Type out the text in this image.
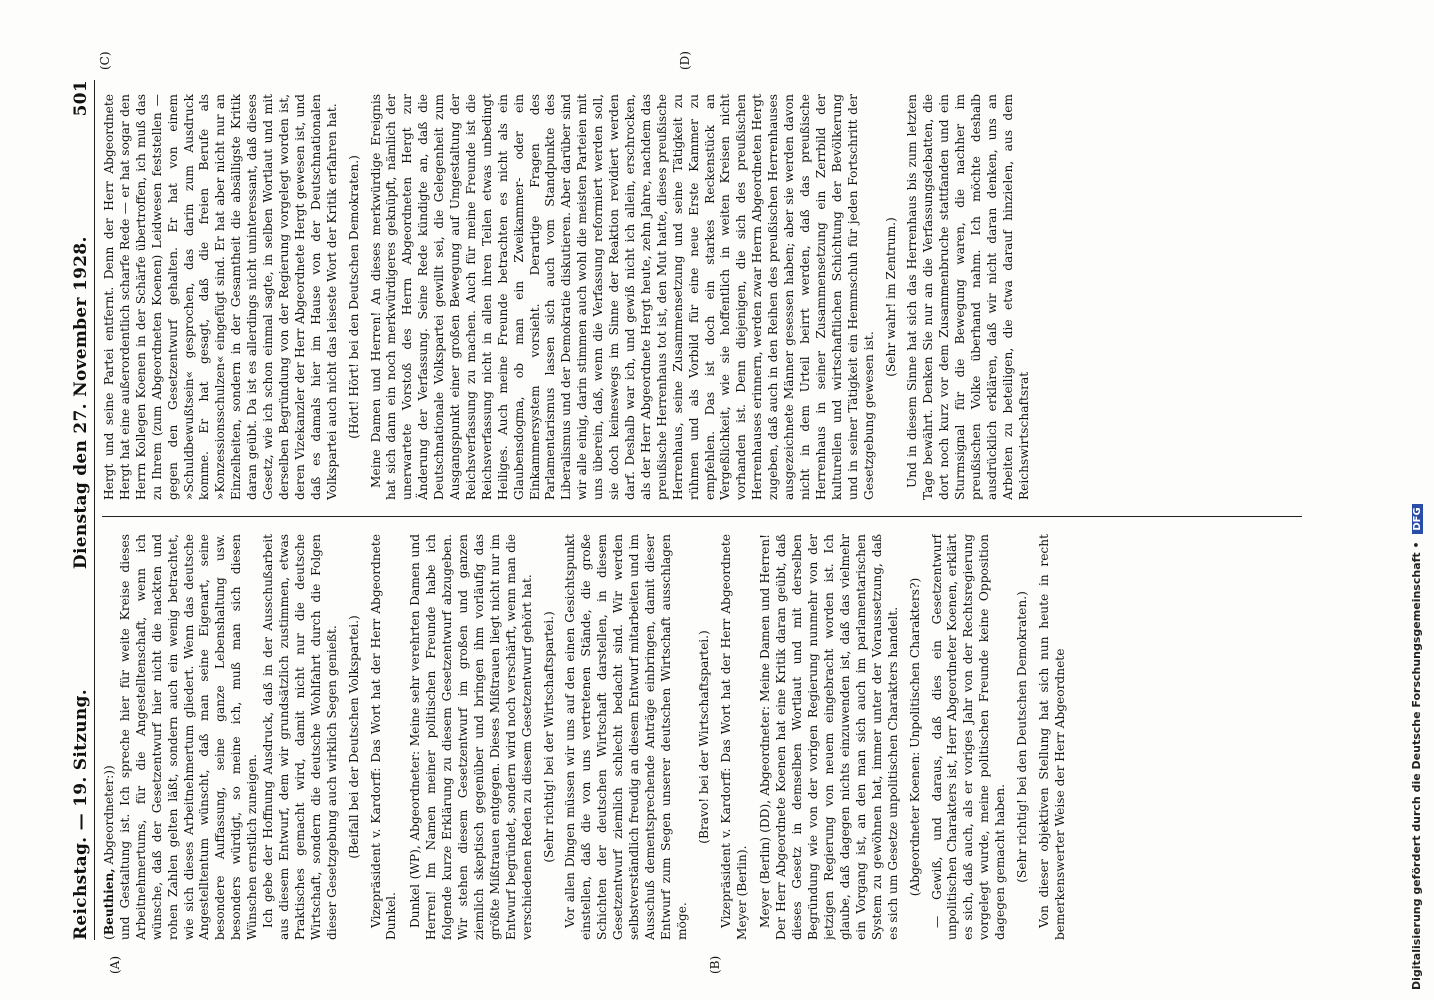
Reichstag. — 19. Sitzung.
Dienstag den 27. November 1928.
501
(A)	(B)
(C)	(D)

(Beuthien, Abgeordneter:)) und Gestaltung ist. Ich spreche hier für weite Kreise dieses Arbeitnehmertums, für die Angestelltenschaft, wenn ich wünsche, daß der Gesetzentwurf hier nicht die nackten und rohen Zahlen gelten läßt, sondern auch ein wenig betrachtet, wie sich dieses Arbeitnehmertum gliedert. Wenn das deutsche Angestelltentum wünscht, daß man seine Eigenart, seine besondere Auffassung, seine ganze Lebenshaltung usw. besonders würdigt, so meine ich, muß man sich diesen Wünschen ernstlich zuneigen. Ich gebe der Hoffnung Ausdruck, daß in der Ausschußarbeit aus diesem Entwurf, dem wir grundsätzlich zustimmen, etwas Praktisches gemacht wird, damit nicht nur die deutsche Wirtschaft, sondern die deutsche Wohlfahrt durch die Folgen dieser Gesetzgebung auch wirklich Segen genießt. (Beifall bei der Deutschen Volkspartei.) Vizepräsident v. Kardorff: Das Wort hat der Herr Abgeordnete Dunkel. Dunkel (WP), Abgeordneter: Meine sehr verehrten Damen und Herren! Im Namen meiner politischen Freunde habe ich folgende kurze Erklärung zu diesem Gesetzentwurf abzugeben. Wir stehen diesem Gesetzentwurf im großen und ganzen ziemlich skeptisch gegenüber und bringen ihm vorläufig das größte Mißtrauen entgegen. Dieses Mißtrauen liegt nicht nur im Entwurf begründet, sondern wird noch verschärft, wenn man die verschiedenen Reden zu diesem Gesetzentwurf gehört hat. (Sehr richtig! bei der Wirtschaftspartei.) Vor allen Dingen müssen wir uns auf den einen Gesichtspunkt einstellen, daß die von uns vertretenen Stände, die große Schichten der deutschen Wirtschaft darstellen, in diesem Gesetzentwurf ziemlich schlecht bedacht sind. Wir werden selbstverständlich freudig an diesem Entwurf mitarbeiten und im Ausschuß dementsprechende Anträge einbringen, damit dieser Entwurf zum Segen unserer deutschen Wirtschaft ausschlagen möge.

(Bravo! bei der Wirtschaftspartei.) Vizepräsident v. Kardorff: Das Wort hat der Herr Abgeordnete Meyer (Berlin). Meyer (Berlin) (DD), Abgeordneter: Meine Damen und Herren! Der Herr Abgeordnete Koenen hat eine Kritik daran geübt, daß dieses Gesetz in demselben Wortlaut und mit derselben Begründung wie von der vorigen Regierung nunmehr von der jetzigen Regierung von neuem eingebracht worden ist. Ich glaube, daß dagegen nichts einzuwenden ist, daß das vielmehr ein Vorgang ist, an den man sich auch im parlamentarischen System zu gewöhnen hat, immer unter der Voraussetzung, daß es sich um Gesetze unpolitischen Charakters handelt. (Abgeordneter Koenen: Unpolitischen Charakters?) — Gewiß, und daraus, daß dies ein Gesetzentwurf unpolitischen Charakters ist, Herr Abgeordneter Koenen, erklärt es sich, daß auch, als er voriges Jahr von der Rechtsregierung vorgelegt wurde, meine politischen Freunde keine Opposition dagegen gemacht haben. (Sehr richtig! bei den Deutschen Demokraten.) Von dieser objektiven Stellung hat sich nun heute in recht bemerkenswerter Weise der Herr Abgeordnete

Hergt und seine Partei entfernt. Denn der Herr Abgeordnete Hergt hat eine außerordentlich scharfe Rede — er hat sogar den Herrn Kollegen Koenen in der Schärfe übertroffen, ich muß das zu Ihrem (zum Abgeordneten Koenen) Leidwesen feststellen — gegen den Gesetzentwurf gehalten. Er hat von einem »Schuldbewußtsein« gesprochen, das darin zum Ausdruck komme. Er hat gesagt, daß die freien Berufe als »Konzessionsschulzen« eingefügt sind. Er hat aber nicht nur an Einzelheiten, sondern in der Gesamtheit die absälligste Kritik daran geübt. Da ist es allerdings nicht uninteressant, daß dieses Gesetz, wie ich schon einmal sagte, in selben Wortlaut und mit derselben Begründung von der Regierung vorgelegt worden ist, deren Vizekanzler der Herr Abgeordnete Hergt gewesen ist, und daß es damals hier im Hause von der Deutschnationalen Volkspartei auch nicht das leiseste Wort der Kritik erfahren hat. (Hört! Hört! bei den Deutschen Demokraten.) Meine Damen und Herren! An dieses merkwürdige Ereignis hat sich dann ein noch merkwürdigeres geknüpft, nämlich der unerwartete Vorstoß des Herrn Abgeordneten Hergt zur Änderung der Verfassung. Seine Rede kündigte an, daß die Deutschnationale Volkspartei gewillt sei, die Gelegenheit zum Ausgangspunkt einer großen Bewegung auf Umgestaltung der Reichsverfassung zu machen. Auch für meine Freunde ist die Reichsverfassung nicht in allen ihren Teilen etwas unbedingt Heiliges. Auch meine Freunde betrachten es nicht als ein Glaubensdogma, ob man ein Zweikammer- oder ein Einkammersystem vorsieht. Derartige Fragen des Parlamentarismus lassen sich auch vom Standpunkte des Liberalismus und der Demokratie diskutieren. Aber darüber sind wir alle einig, darin stimmen auch wohl die meisten Parteien mit uns überein, daß, wenn die Verfassung reformiert werden soll, sie doch keineswegs im Sinne der Reaktion revidiert werden darf. Deshalb war ich, und gewiß nicht ich allein, erschrocken, als der Herr Abgeordnete Hergt heute, zehn Jahre, nachdem das preußische Herrenhaus tot ist, den Mut hatte, dieses preußische Herrenhaus, seine Zusammensetzung und seine Tätigkeit zu rühmen und als Vorbild für eine neue Erste Kammer zu empfehlen. Das ist doch ein starkes Reckenstück an Vergeßlichkeit, wie sie hoffentlich in weiten Kreisen nicht vorhanden ist. Denn diejenigen, die sich des preußischen Herrenhauses erinnern, werden zwar Herrn Abgeordneten Hergt zugeben, daß auch in den Reihen des preußischen Herrenhauses ausgezeichnete Männer gesessen haben; aber sie werden davon nicht in dem Urteil beirrt werden, daß das preußische Herrenhaus in seiner Zusammensetzung ein Zerrbild der kulturellen und wirtschaftlichen Schichtung der Bevölkerung und in seiner Tätigkeit ein Hemmschuh für jeden Fortschritt der Gesetzgebung gewesen ist.

(Sehr wahr! im Zentrum.) Und in diesem Sinne hat sich das Herrenhaus bis zum letzten Tage bewährt. Denken Sie nur an die Verfassungsdebatten, die dort noch kurz vor dem Zusammenbruche stattfanden und ein Sturmsignal für die Bewegung waren, die nachher im preußischen Volke überhand nahm. Ich möchte deshalb ausdrücklich erklären, daß wir nicht daran denken, uns an Arbeiten zu beteiligen, die etwa darauf hinzielen, aus dem Reichswirtschaftsrat

Digitalisierung gefördert durch die Deutsche Forschungsgemeinschaft • DFG
